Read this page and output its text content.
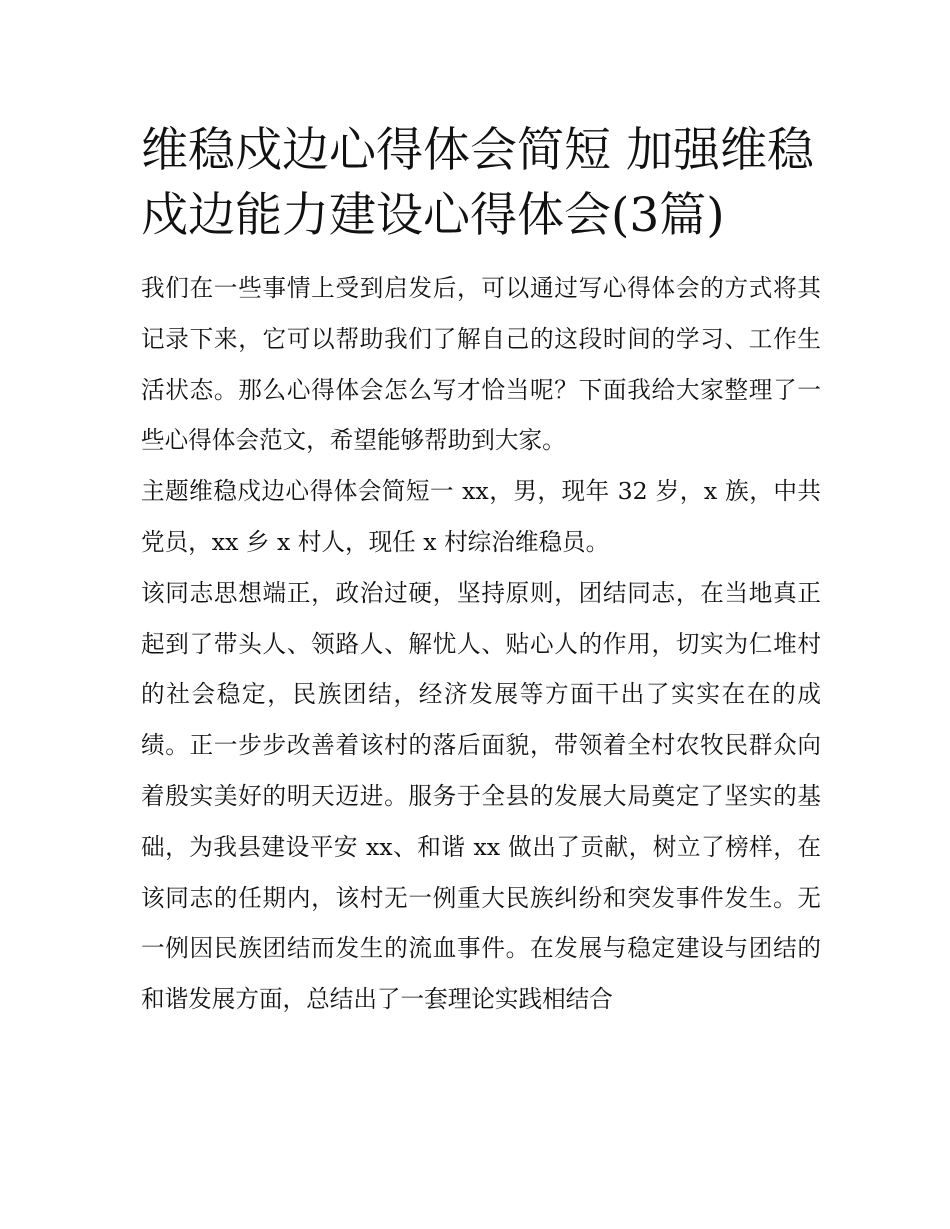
维稳戍边心得体会简短 加强维稳戍边能力建设心得体会(3篇)

我们在一些事情上受到启发后，可以通过写心得体会的方式将其记录下来，它可以帮助我们了解自己的这段时间的学习、工作生活状态。那么心得体会怎么写才恰当呢？下面我给大家整理了一些心得体会范文，希望能够帮助到大家。

主题维稳戍边心得体会简短一 xx，男，现年 32 岁，x 族，中共党员，xx 乡 x 村人，现任 x 村综治维稳员。

该同志思想端正，政治过硬，坚持原则，团结同志，在当地真正起到了带头人、领路人、解忧人、贴心人的作用，切实为仁堆村的社会稳定，民族团结，经济发展等方面干出了实实在在的成绩。正一步步改善着该村的落后面貌，带领着全村农牧民群众向着殷实美好的明天迈进。服务于全县的发展大局奠定了坚实的基础，为我县建设平安 xx、和谐 xx 做出了贡献，树立了榜样，在该同志的任期内，该村无一例重大民族纠纷和突发事件发生。无一例因民族团结而发生的流血事件。在发展与稳定建设与团结的和谐发展方面，总结出了一套理论实践相结合
